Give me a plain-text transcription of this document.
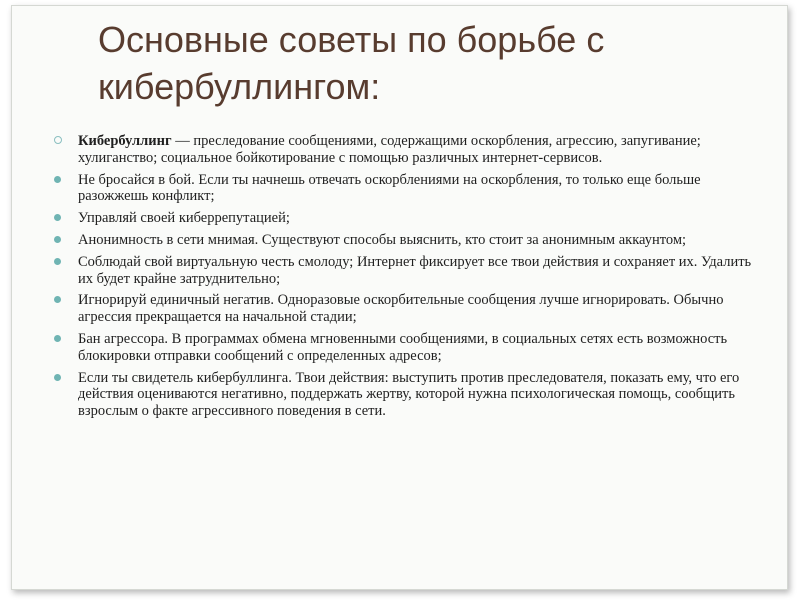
Основные советы по борьбе с кибербуллингом:
Кибербуллинг — преследование сообщениями, содержащими оскорбления, агрессию, запугивание; хулиганство; социальное бойкотирование с помощью различных интернет-сервисов.
Не бросайся в бой. Если ты начнешь отвечать оскорблениями на оскорбления, то только еще больше разожжешь конфликт;
Управляй своей киберрепутацией;
Анонимность в сети мнимая. Существуют способы выяснить, кто стоит за анонимным аккаунтом;
Соблюдай свой виртуальную честь смолоду; Интернет фиксирует все твои действия и сохраняет их. Удалить их будет крайне затруднительно;
Игнорируй единичный негатив. Одноразовые оскорбительные сообщения лучше игнорировать. Обычно агрессия прекращается на начальной стадии;
Бан агрессора. В программах обмена мгновенными сообщениями, в социальных сетях есть возможность блокировки отправки сообщений с определенных адресов;
Если ты свидетель кибербуллинга. Твои действия: выступить против преследователя, показать ему, что его действия оцениваются негативно, поддержать жертву, которой нужна психологическая помощь, сообщить взрослым о факте агрессивного поведения в сети.
